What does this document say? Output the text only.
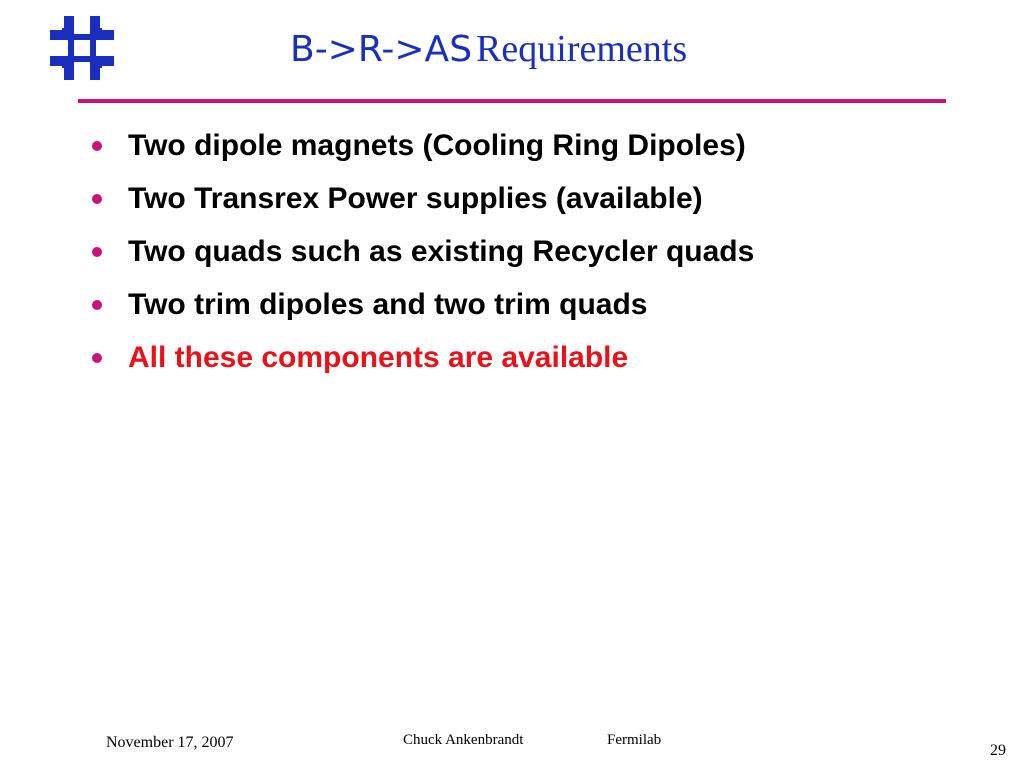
B->R->AS Requirements
Two dipole magnets (Cooling Ring Dipoles)
Two Transrex Power supplies (available)
Two quads such as existing Recycler quads
Two trim dipoles and two trim quads
All these components are available
November 17, 2007	Chuck Ankenbrandt	Fermilab
29
